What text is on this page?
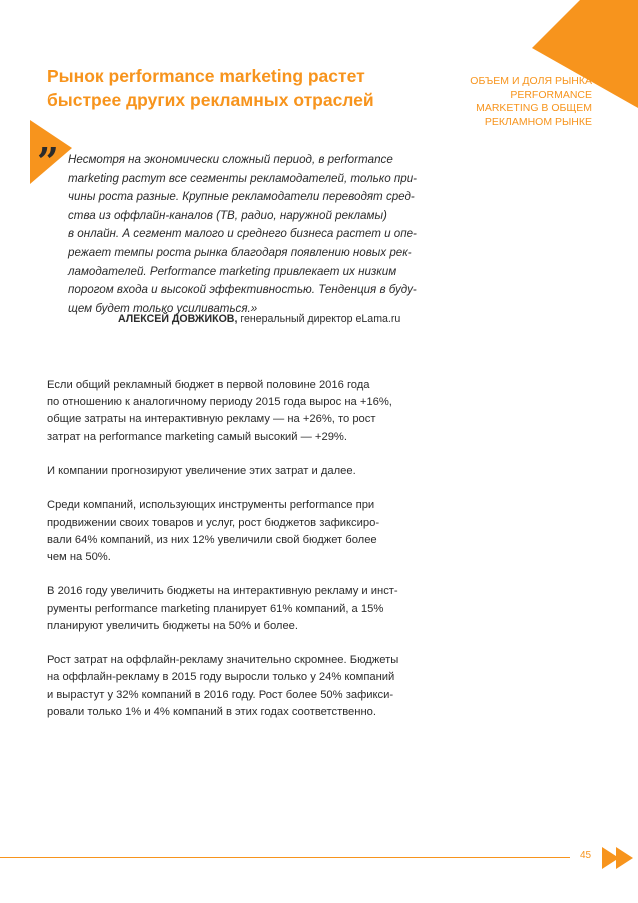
Рынок performance marketing растет
быстрее других рекламных отраслей
ОБЪЕМ И ДОЛЯ РЫНКА
PERFORMANCE
MARKETING В ОБЩЕМ
РЕКЛАМНОМ РЫНКЕ
” Несмотря на экономически сложный период, в performance
marketing растут все сегменты рекламодателей, только при-
чины роста разные. Крупные рекламодатели переводят сред-
ства из оффлайн-каналов (ТВ, радио, наружной рекламы)
в онлайн. А сегмент малого и среднего бизнеса растет и опе-
режает темпы роста рынка благодаря появлению новых рек-
ламодателей. Performance marketing привлекает их низким
порогом входа и высокой эффективностью. Тенденция в буду-
щем будет только усиливаться.»
АЛЕКСЕЙ ДОВЖИКОВ, генеральный директор eLama.ru

Если общий рекламный бюджет в первой половине 2016 года
по отношению к аналогичному периоду 2015 года вырос на +16%,
общие затраты на интерактивную рекламу — на +26%, то рост
затрат на performance marketing самый высокий — +29%.

И компании прогнозируют увеличение этих затрат и далее.

Среди компаний, использующих инструменты performance при
продвижении своих товаров и услуг, рост бюджетов зафиксиро-
вали 64% компаний, из них 12% увеличили свой бюджет более
чем на 50%.

В 2016 году увеличить бюджеты на интерактивную рекламу и инст-
рументы performance marketing планирует 61% компаний, а 15%
планируют увеличить бюджеты на 50% и более.

Рост затрат на оффлайн-рекламу значительно скромнее. Бюджеты
на оффлайн-рекламу в 2015 году выросли только у 24% компаний
и вырастут у 32% компаний в 2016 году. Рост более 50% зафикси-
ровали только 1% и 4% компаний в этих годах соответственно.

45
